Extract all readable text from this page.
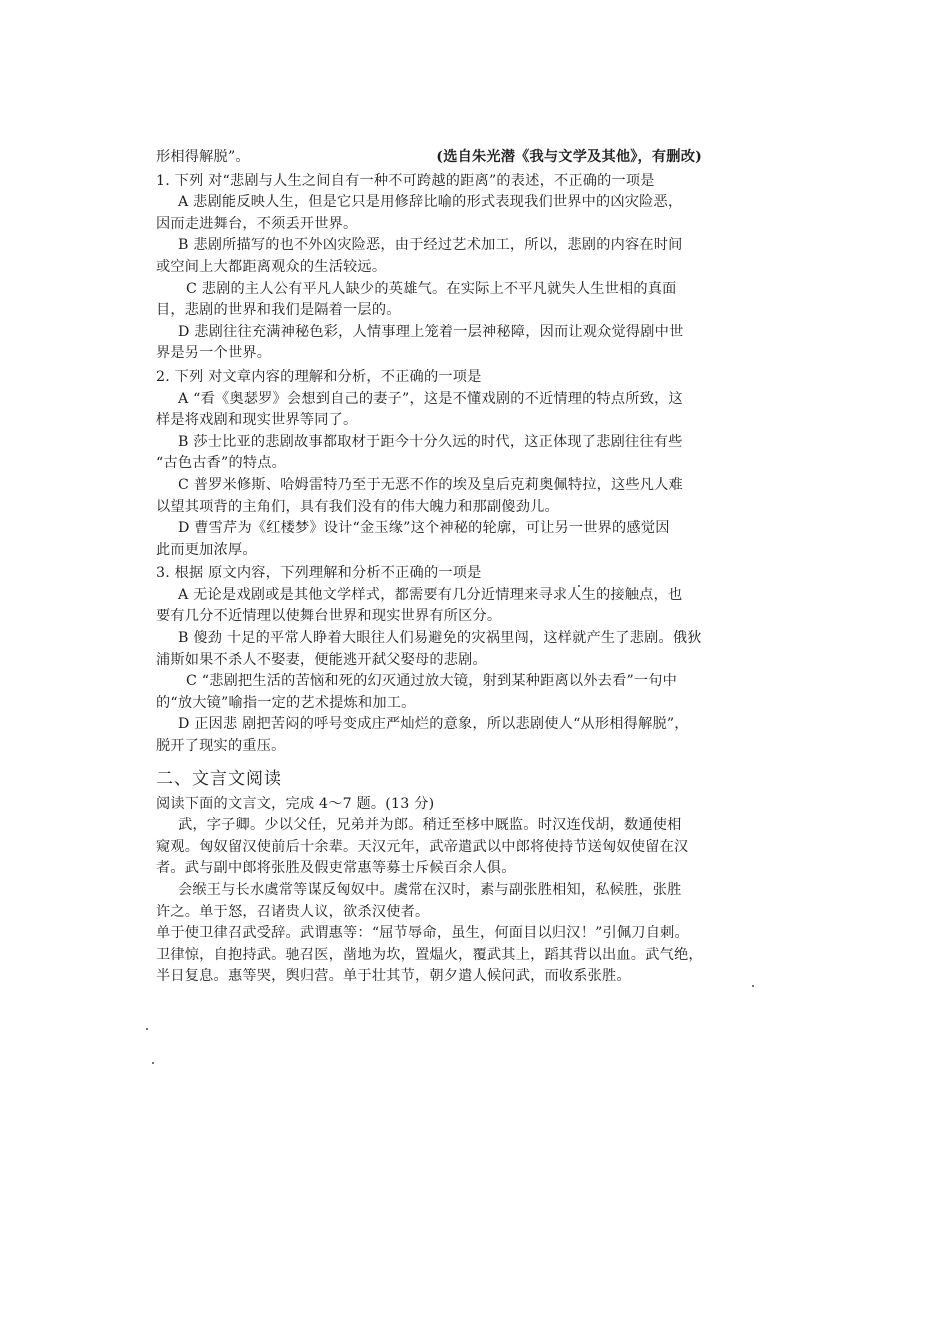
形相得解脱”。	(选自朱光潜《我与文学及其他》，有删改)
1. 下列 对“悲剧与人生之间自有一种不可跨越的距离”的表述，不正确的一项是
A 悲剧能反映人生，但是它只是用修辞比喻的形式表现我们世界中的凶灾险恶，
因而走进舞台，不须丢开世界。
B 悲剧所描写的也不外凶灾险恶，由于经过艺术加工，所以，悲剧的内容在时间
或空间上大都距离观众的生活较远。
C 悲剧的主人公有平凡人缺少的英雄气。在实际上不平凡就失人生世相的真面
目，悲剧的世界和我们是隔着一层的。
D 悲剧往往充满神秘色彩，人情事理上笼着一层神秘障，因而让观众觉得剧中世
界是另一个世界。
2. 下列 对文章内容的理解和分析，不正确的一项是
A “看《奥瑟罗》会想到自己的妻子”，这是不懂戏剧的不近情理的特点所致，这
样是将戏剧和现实世界等同了。
B 莎士比亚的悲剧故事都取材于距今十分久远的时代，这正体现了悲剧往往有些
“古色古香”的特点。
C 普罗米修斯、哈姆雷特乃至于无恶不作的埃及皇后克莉奥佩特拉，这些凡人难
以望其项背的主角们，具有我们没有的伟大魄力和那副傻劲儿。
D 曹雪芹为《红楼梦》设计“金玉缘”这个神秘的轮廓，可让另一世界的感觉因
此而更加浓厚。
3. 根据 原文内容，下列理解和分析不正确的一项是
A 无论是戏剧或是其他文学样式，都需要有几分近情理来寻求人生的接触点，也
要有几分不近情理以使舞台世界和现实世界有所区分。
B 傻劲 十足的平常人睁着大眼往人们易避免的灾祸里闯，这样就产生了悲剧。俄狄
浦斯如果不杀人不娶妻，便能逃开弑父娶母的悲剧。
C “悲剧把生活的苦恼和死的幻灭通过放大镜，射到某种距离以外去看”一句中
的“放大镜”喻指一定的艺术提炼和加工。
D 正因悲 剧把苦闷的呼号变成庄严灿烂的意象，所以悲剧使人“从形相得解脱”，
脱开了现实的重压。
二、文言文阅读
阅读下面的文言文，完成 4～7 题。(13 分)
武，字子卿。少以父任，兄弟并为郎。稍迁至栘中厩监。时汉连伐胡，数通使相
窥观。匈奴留汉使前后十余辈。天汉元年，武帝遣武以中郎将使持节送匈奴使留在汉
者。武与副中郎将张胜及假吏常惠等募士斥候百余人俱。
会缑王与长水虞常等谋反匈奴中。虞常在汉时，素与副张胜相知，私候胜，张胜
许之。单于怒，召诸贵人议，欲杀汉使者。
单于使卫律召武受辞。武谓惠等：“屈节辱命，虽生，何面目以归汉！”引佩刀自刺。
卫律惊，自抱持武。驰召医，凿地为坎，置煴火，覆武其上，蹈其背以出血。武气绝，
半日复息。惠等哭，舆归营。单于壮其节，朝夕遣人候问武，而收系张胜。
